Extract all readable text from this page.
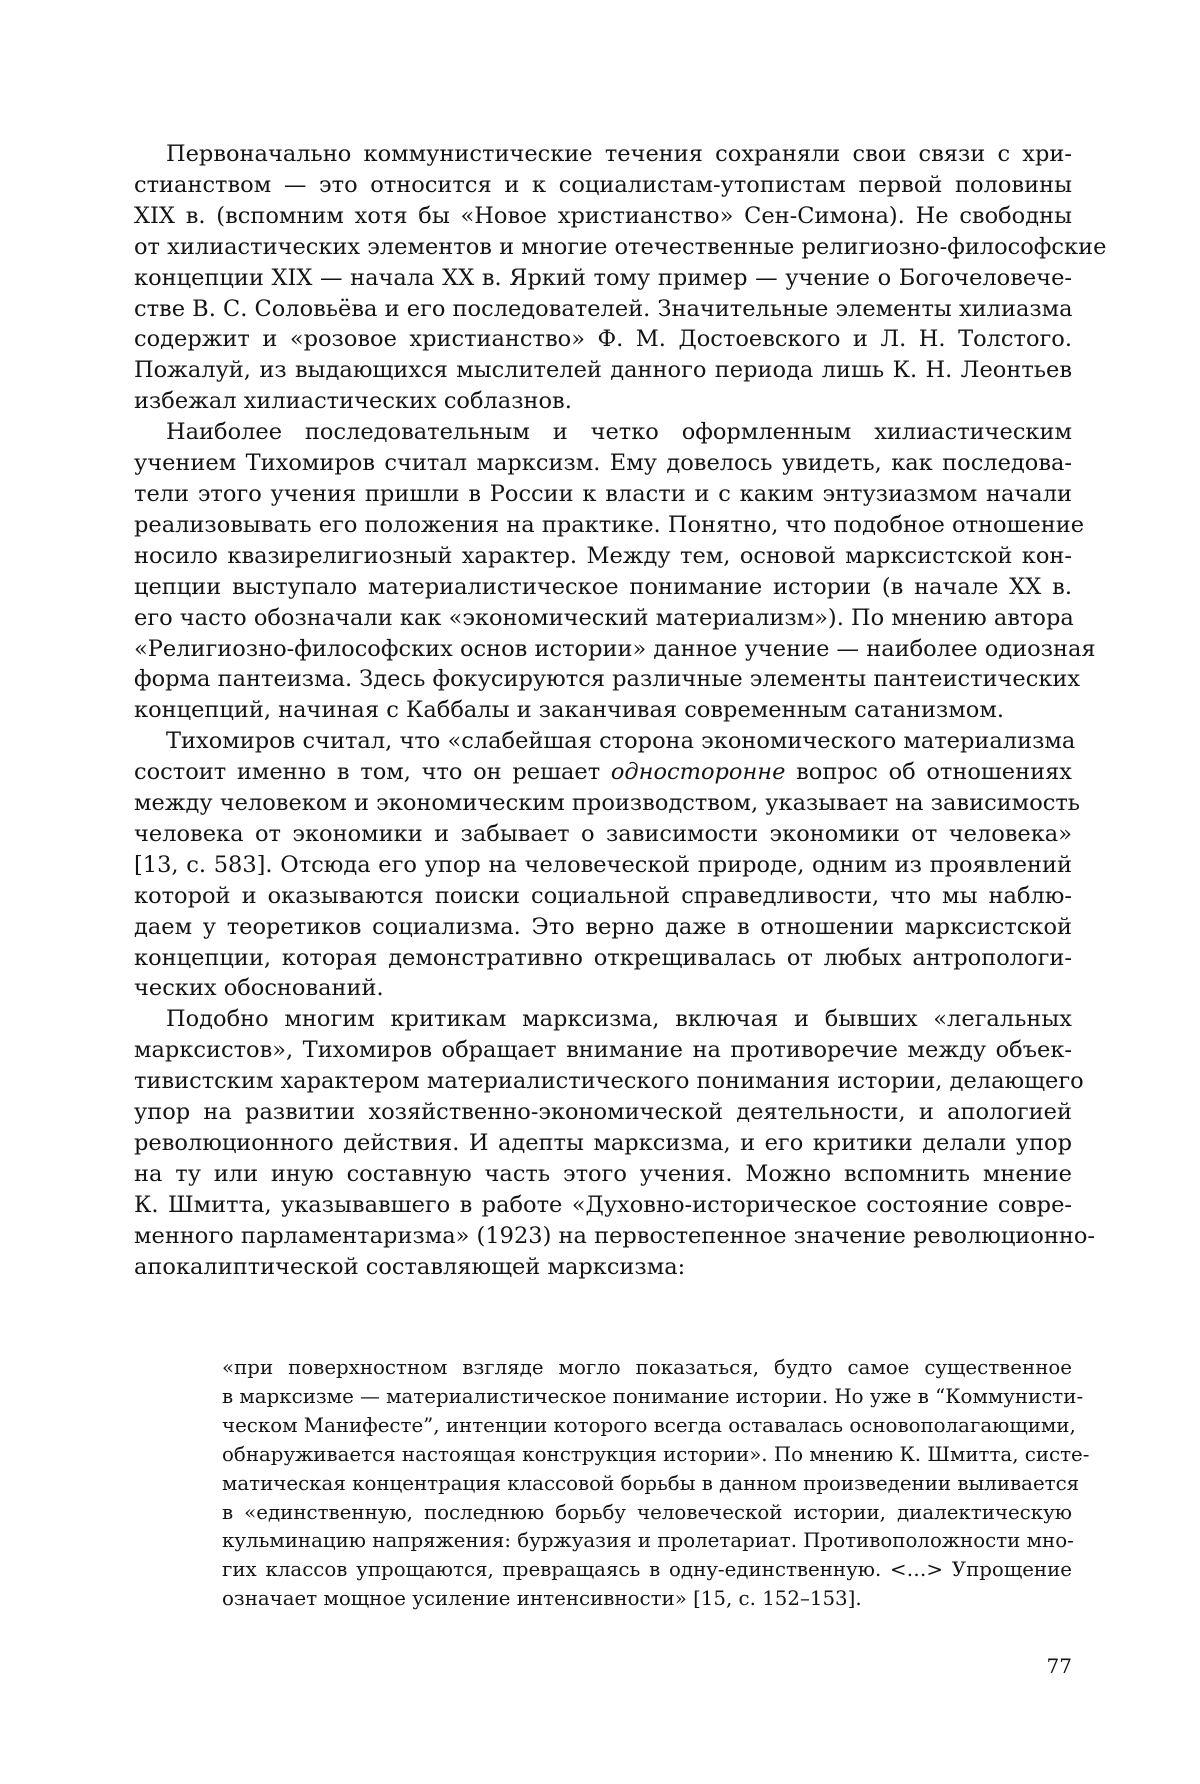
Первоначально коммунистические течения сохраняли свои связи с хри-
стианством — это относится и к социалистам-утопистам первой половины
XIX в. (вспомним хотя бы «Новое христианство» Сен-Симона). Не свободны
от хилиастических элементов и многие отечественные религиозно-философские
концепции XIX — начала XX в. Яркий тому пример — учение о Богочеловече-
стве В. С. Соловьёва и его последователей. Значительные элементы хилиазма
содержит и «розовое христианство» Ф. М. Достоевского и Л. Н. Толстого.
Пожалуй, из выдающихся мыслителей данного периода лишь К. Н. Леонтьев
избежал хилиастических соблазнов.

Наиболее последовательным и четко оформленным хилиастическим
учением Тихомиров считал марксизм. Ему довелось увидеть, как последова-
тели этого учения пришли в России к власти и с каким энтузиазмом начали
реализовывать его положения на практике. Понятно, что подобное отношение
носило квазирелигиозный характер. Между тем, основой марксистской кон-
цепции выступало материалистическое понимание истории (в начале XX в.
его часто обозначали как «экономический материализм»). По мнению автора
«Религиозно-философских основ истории» данное учение — наиболее одиозная
форма пантеизма. Здесь фокусируются различные элементы пантеистических
концепций, начиная с Каббалы и заканчивая современным сатанизмом.

Тихомиров считал, что «слабейшая сторона экономического материализма
состоит именно в том, что он решает односторонне вопрос об отношениях
между человеком и экономическим производством, указывает на зависимость
человека от экономики и забывает о зависимости экономики от человека»
[13, с. 583]. Отсюда его упор на человеческой природе, одним из проявлений
которой и оказываются поиски социальной справедливости, что мы наблю-
даем у теоретиков социализма. Это верно даже в отношении марксистской
концепции, которая демонстративно открещивалась от любых антропологи-
ческих обоснований.

Подобно многим критикам марксизма, включая и бывших «легальных
марксистов», Тихомиров обращает внимание на противоречие между объек-
тивистским характером материалистического понимания истории, делающего
упор на развитии хозяйственно-экономической деятельности, и апологией
революционного действия. И адепты марксизма, и его критики делали упор
на ту или иную составную часть этого учения. Можно вспомнить мнение
К. Шмитта, указывавшего в работе «Духовно-историческое состояние совре-
менного парламентаризма» (1923) на первостепенное значение революционно-
апокалиптической составляющей марксизма:

«при поверхностном взгляде могло показаться, будто самое существенное
в марксизме — материалистическое понимание истории. Но уже в “Коммунисти-
ческом Манифесте”, интенции которого всегда оставалась основополагающими,
обнаруживается настоящая конструкция истории». По мнению К. Шмитта, систе-
матическая концентрация классовой борьбы в данном произведении выливается
в «единственную, последнюю борьбу человеческой истории, диалектическую
кульминацию напряжения: буржуазия и пролетариат. Противоположности мно-
гих классов упрощаются, превращаясь в одну-единственную. <…> Упрощение
означает мощное усиление интенсивности» [15, с. 152–153].
77
